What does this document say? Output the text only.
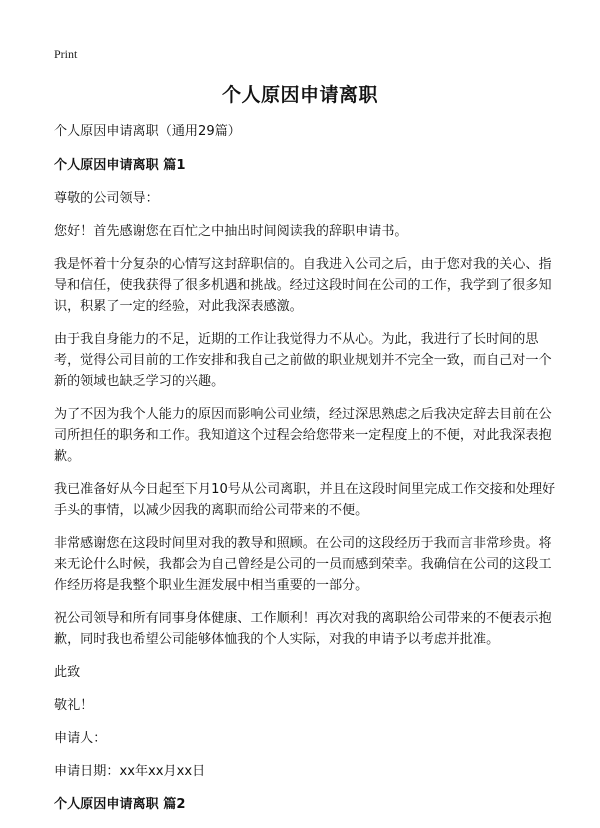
Print
个人原因申请离职

个人原因申请离职（通用29篇）

个人原因申请离职 篇1

尊敬的公司领导：

您好！首先感谢您在百忙之中抽出时间阅读我的辞职申请书。

我是怀着十分复杂的心情写这封辞职信的。自我进入公司之后，由于您对我的关心、指导和信任，使我获得了很多机遇和挑战。经过这段时间在公司的工作，我学到了很多知识，积累了一定的经验，对此我深表感激。

由于我自身能力的不足，近期的工作让我觉得力不从心。为此，我进行了长时间的思考，觉得公司目前的工作安排和我自己之前做的职业规划并不完全一致，而自己对一个新的领域也缺乏学习的兴趣。

为了不因为我个人能力的原因而影响公司业绩，经过深思熟虑之后我决定辞去目前在公司所担任的职务和工作。我知道这个过程会给您带来一定程度上的不便，对此我深表抱歉。

我已准备好从今日起至下月10号从公司离职，并且在这段时间里完成工作交接和处理好手头的事情，以减少因我的离职而给公司带来的不便。

非常感谢您在这段时间里对我的教导和照顾。在公司的这段经历于我而言非常珍贵。将来无论什么时候，我都会为自己曾经是公司的一员而感到荣幸。我确信在公司的这段工作经历将是我整个职业生涯发展中相当重要的一部分。

祝公司领导和所有同事身体健康、工作顺利！再次对我的离职给公司带来的不便表示抱歉，同时我也希望公司能够体恤我的个人实际，对我的申请予以考虑并批准。

此致

敬礼！

申请人：

申请日期：xx年xx月xx日

个人原因申请离职 篇2
